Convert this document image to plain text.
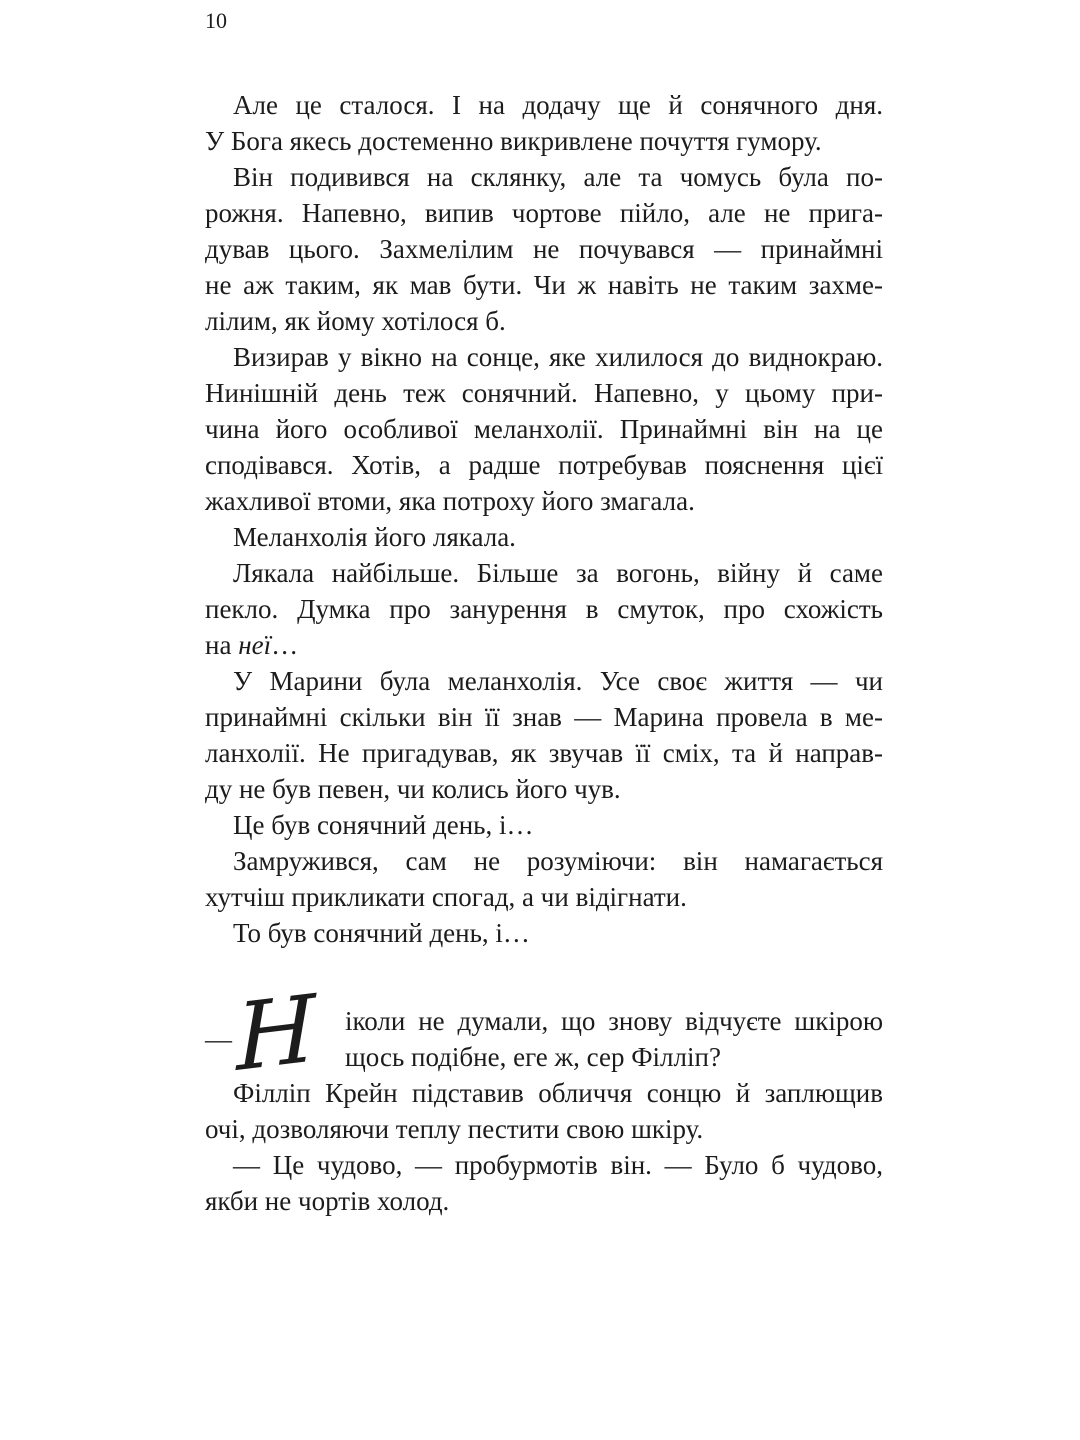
10
Але це сталося. І на додачу ще й сонячного дня.
У Бога якесь достеменно викривлене почуття гумору.
Він подивився на склянку, але та чомусь була по-
рожня. Напевно, випив чортове пійло, але не прига-
дував цього. Захмелілим не почувався — принаймні
не аж таким, як мав бути. Чи ж навіть не таким захме-
лілим, як йому хотілося б.
Визирав у вікно на сонце, яке хилилося до виднокраю.
Нинішній день теж сонячний. Напевно, у цьому при-
чина його особливої меланхолії. Принаймні він на це
сподівався. Хотів, а радше потребував пояснення цієї
жахливої втоми, яка потроху його змагала.
Меланхолія його лякала.
Лякала найбільше. Більше за вогонь, війну й саме
пекло. Думка про занурення в смуток, про схожість
на неї…
У Марини була меланхолія. Усе своє життя — чи
принаймні скільки він її знав — Марина провела в ме-
ланхолії. Не пригадував, як звучав її сміх, та й направ-
ду не був певен, чи колись його чув.
Це був сонячний день, і…
Замружився, сам не розуміючи: він намагається
хутчіш прикликати спогад, а чи відігнати.
То був сонячний день, і…
— Н	іколи не думали, що знову відчуєте шкірою
щось подібне, еге ж, сер Філліп?
Філліп Крейн підставив обличчя сонцю й заплющив
очі, дозволяючи теплу пестити свою шкіру.
— Це чудово, — пробурмотів він. — Було б чудово,
якби не чортів холод.
